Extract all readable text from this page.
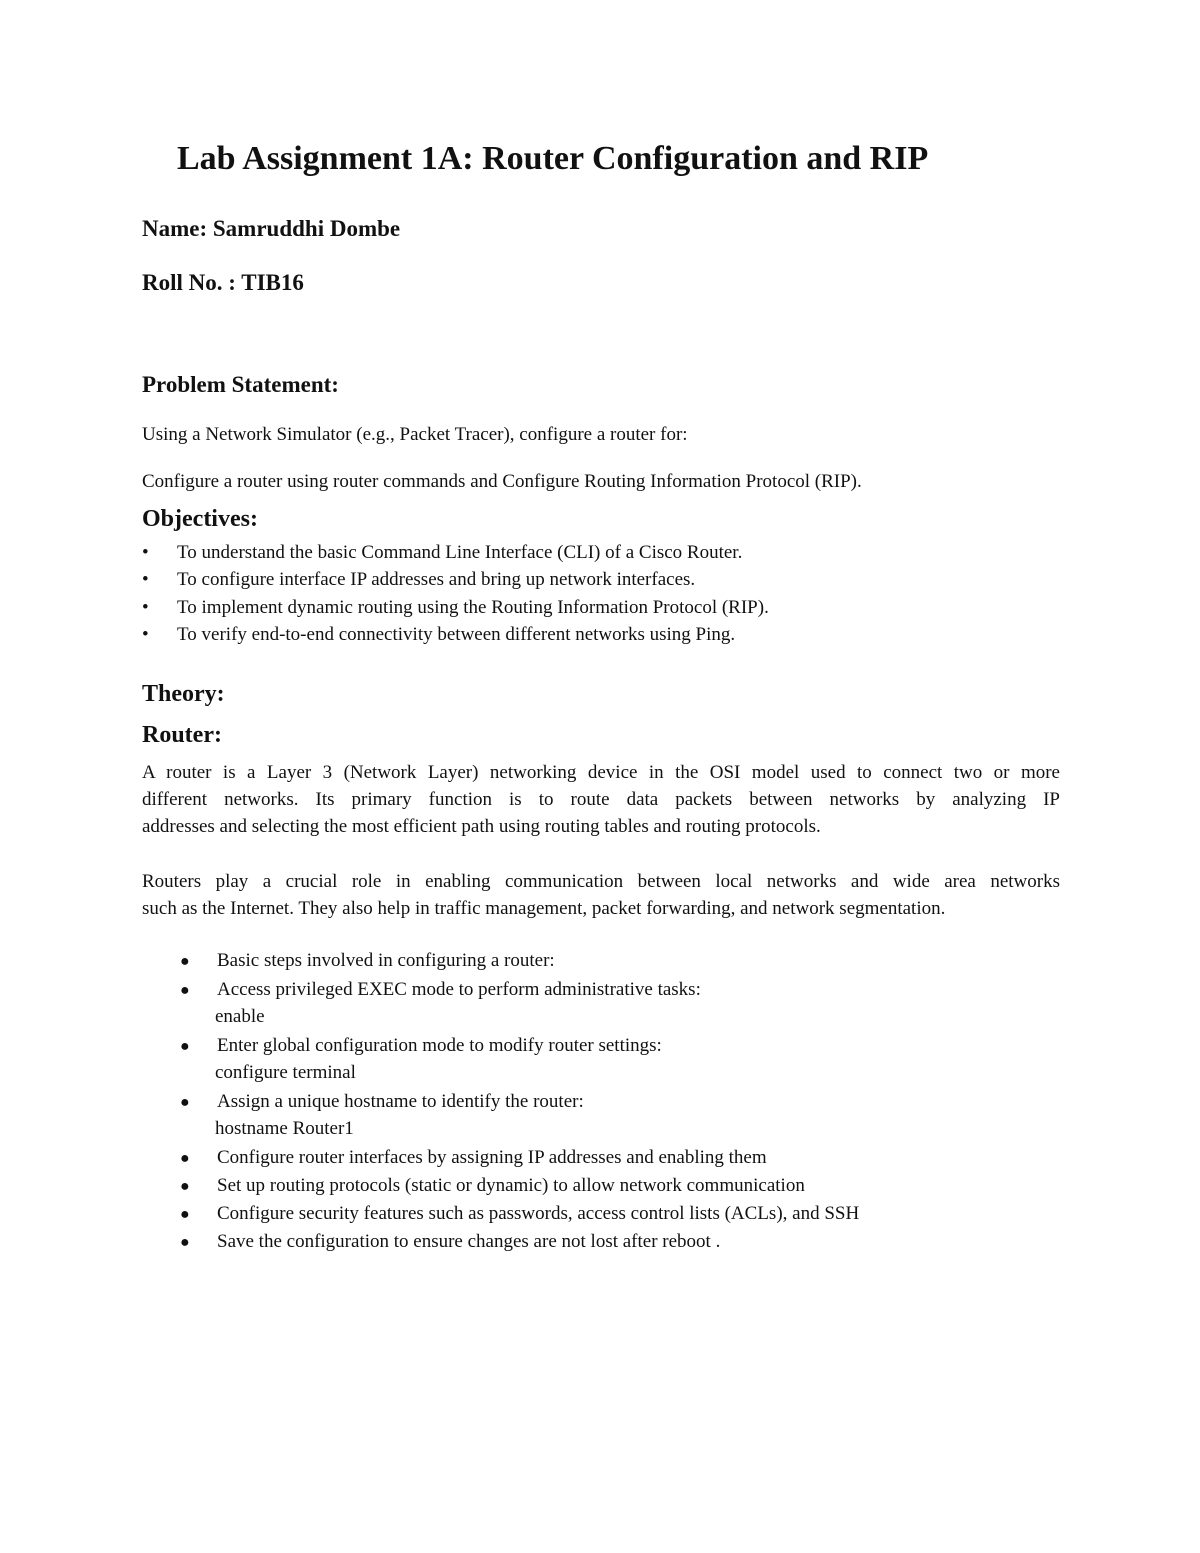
Lab Assignment 1A: Router Configuration and RIP
Name: Samruddhi Dombe
Roll No. : TIB16
Problem Statement:
Using a Network Simulator (e.g., Packet Tracer), configure a router for:
Configure a router using router commands and Configure Routing Information Protocol (RIP).
Objectives:
• To understand the basic Command Line Interface (CLI) of a Cisco Router.
• To configure interface IP addresses and bring up network interfaces.
• To implement dynamic routing using the Routing Information Protocol (RIP).
• To verify end-to-end connectivity between different networks using Ping.
Theory:
Router:
A router is a Layer 3 (Network Layer) networking device in the OSI model used to connect two or more
different networks. Its primary function is to route data packets between networks by analyzing IP
addresses and selecting the most efficient path using routing tables and routing protocols.
Routers play a crucial role in enabling communication between local networks and wide area networks
such as the Internet. They also help in traffic management, packet forwarding, and network segmentation.
● Basic steps involved in configuring a router:
● Access privileged EXEC mode to perform administrative tasks:
enable
● Enter global configuration mode to modify router settings:
configure terminal
● Assign a unique hostname to identify the router:
hostname Router1
● Configure router interfaces by assigning IP addresses and enabling them
● Set up routing protocols (static or dynamic) to allow network communication
● Configure security features such as passwords, access control lists (ACLs), and SSH
● Save the configuration to ensure changes are not lost after reboot .
